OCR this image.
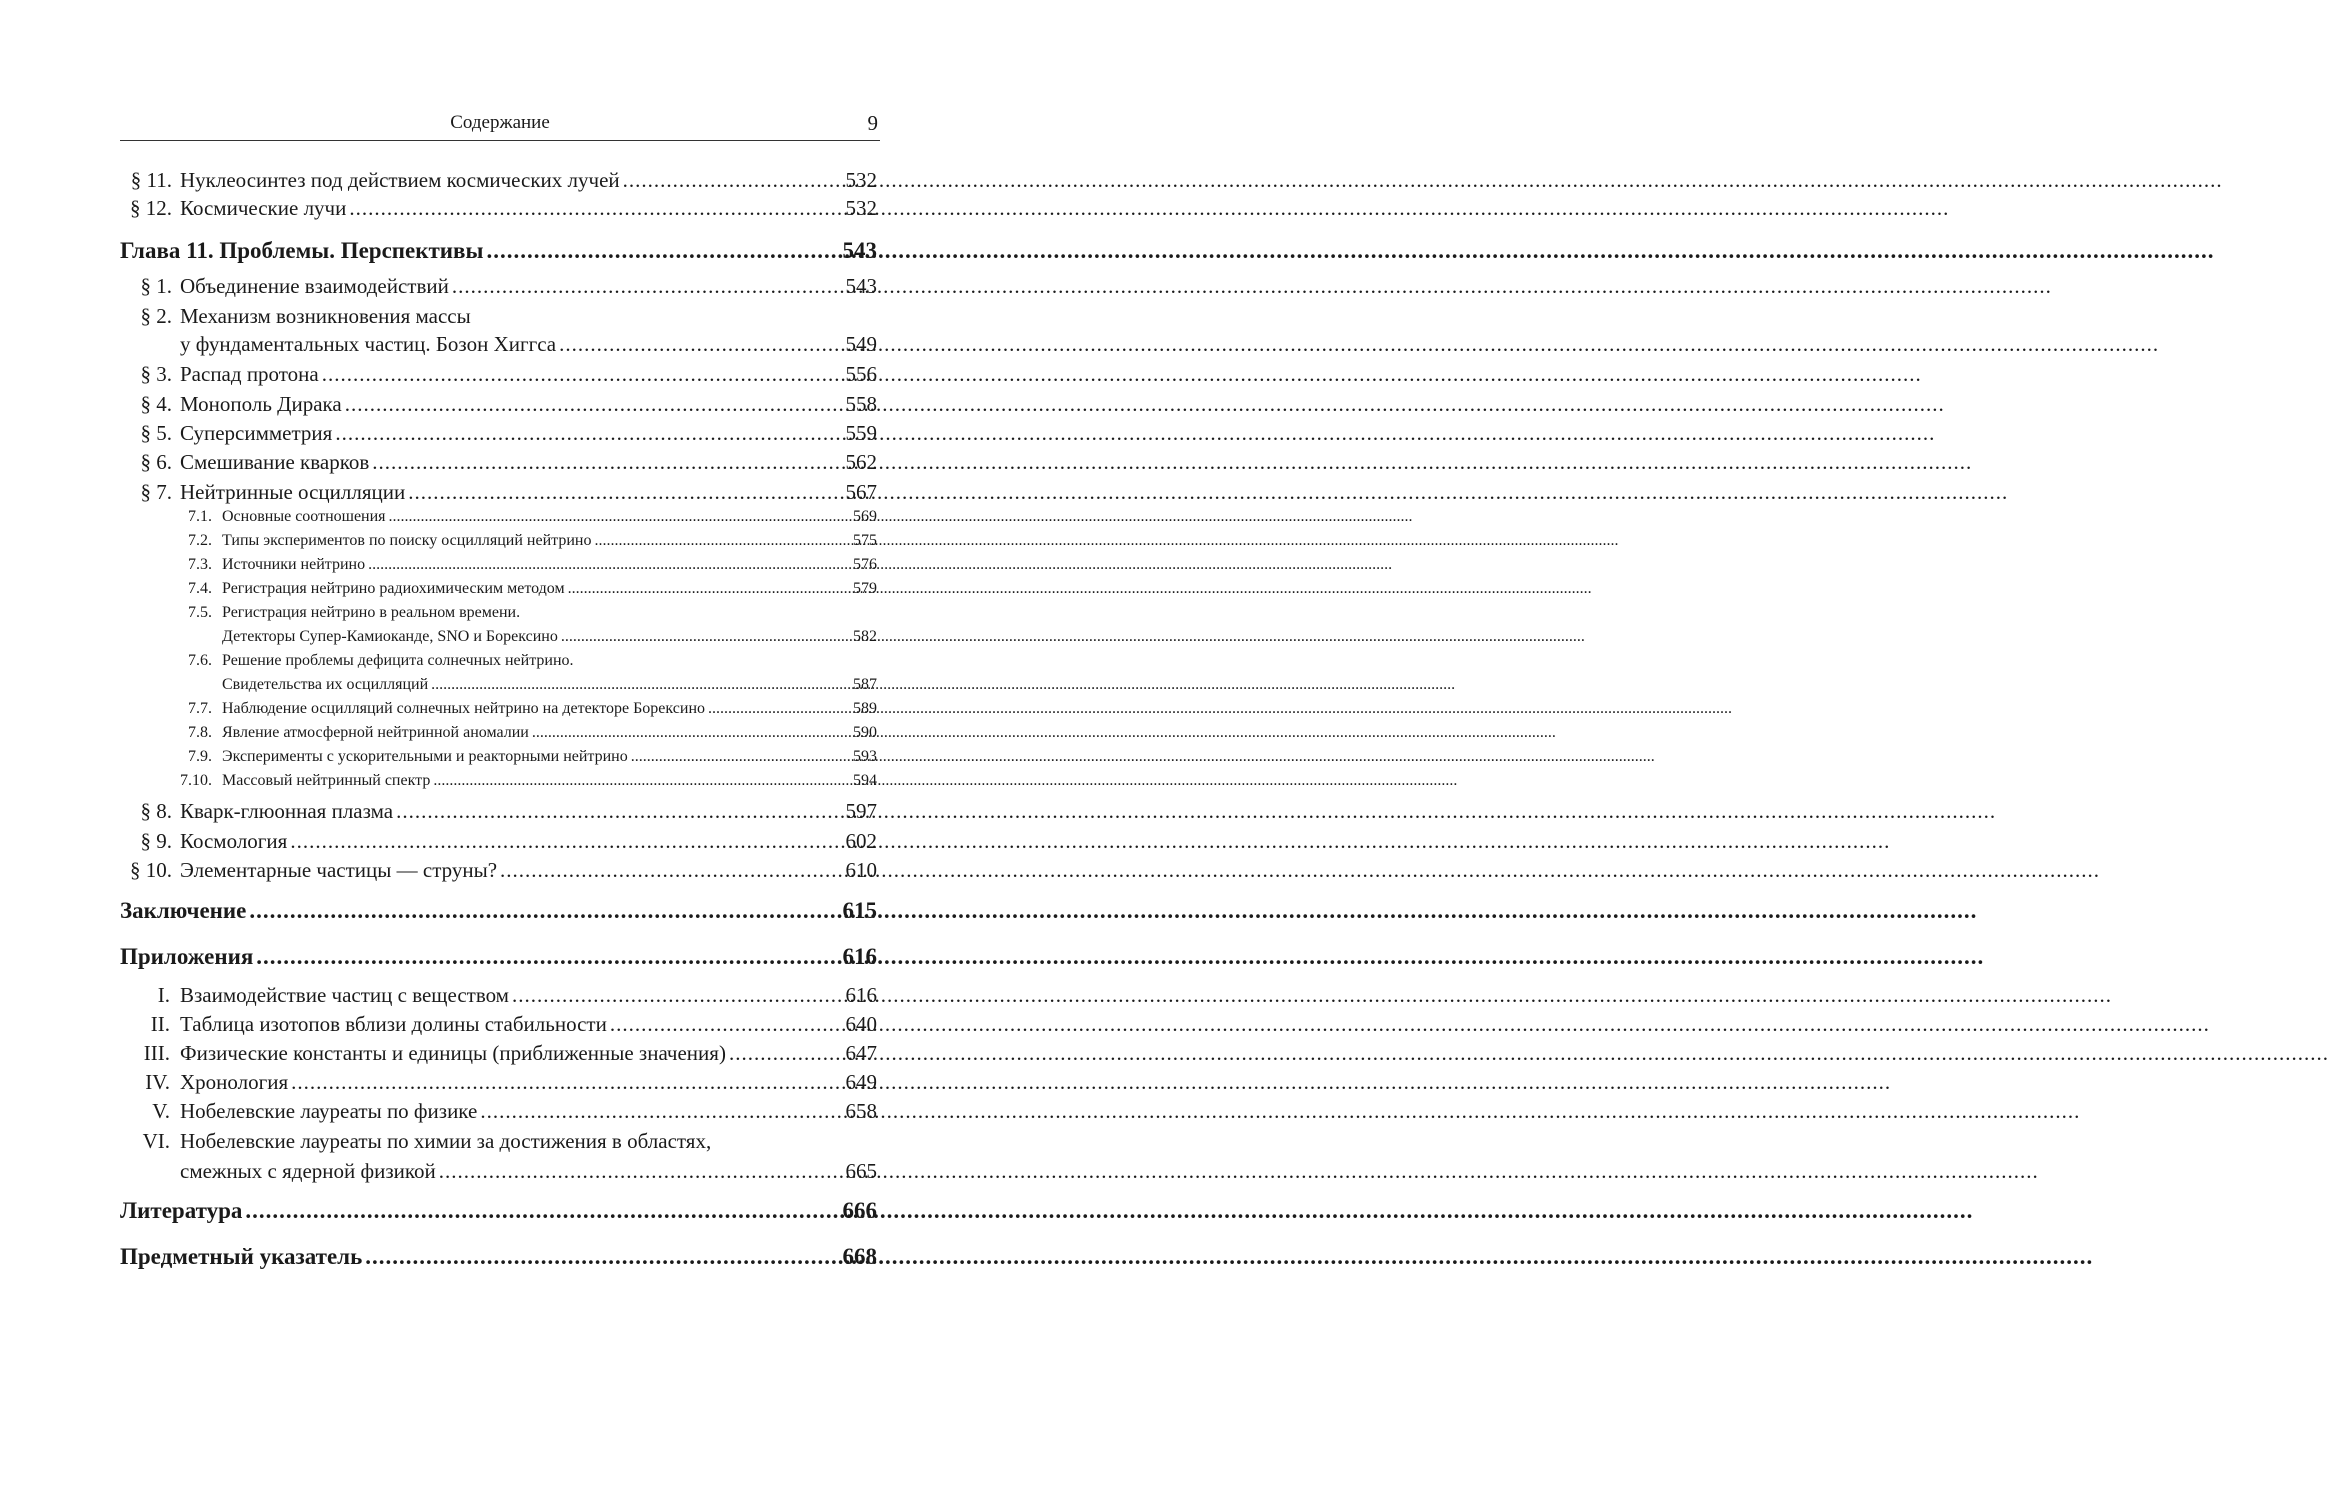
Содержание	9
§ 11. Нуклеосинтез под действием космических лучей .....	532
§ 12. Космические лучи .....	532
Глава 11. Проблемы. Перспективы .....	543
§ 1. Объединение взаимодействий .....	543
§ 2. Механизм возникновения массы
у фундаментальных частиц. Бозон Хиггса .....	549
§ 3. Распад протона .....	556
§ 4. Монополь Дирака .....	558
§ 5. Суперсимметрия .....	559
§ 6. Смешивание кварков .....	562
§ 7. Нейтринные осцилляции .....	567
7.1. Основные соотношения .....	569
7.2. Типы экспериментов по поиску осцилляций нейтрино .....	575
7.3. Источники нейтрино .....	576
7.4. Регистрация нейтрино радиохимическим методом .....	579
7.5. Регистрация нейтрино в реальном времени.
Детекторы Супер-Камиоканде, SNO и Борексино .....	582
7.6. Решение проблемы дефицита солнечных нейтрино.
Свидетельства их осцилляций .....	587
7.7. Наблюдение осцилляций солнечных нейтрино на детекторе Борексино .....	589
7.8. Явление атмосферной нейтринной аномалии .....	590
7.9. Эксперименты с ускорительными и реакторными нейтрино .....	593
7.10. Массовый нейтринный спектр .....	594
§ 8. Кварк-глюонная плазма .....	597
§ 9. Космология .....	602
§ 10. Элементарные частицы — струны? .....	610
Заключение .....	615
Приложения .....	616
I. Взаимодействие частиц с веществом .....	616
II. Таблица изотопов вблизи долины стабильности .....	640
III. Физические константы и единицы (приближенные значения) .....	647
IV. Хронология .....	649
V. Нобелевские лауреаты по физике .....	658
VI. Нобелевские лауреаты по химии за достижения в областях,
смежных с ядерной физикой .....	665
Литература .....	666
Предметный указатель .....	668
